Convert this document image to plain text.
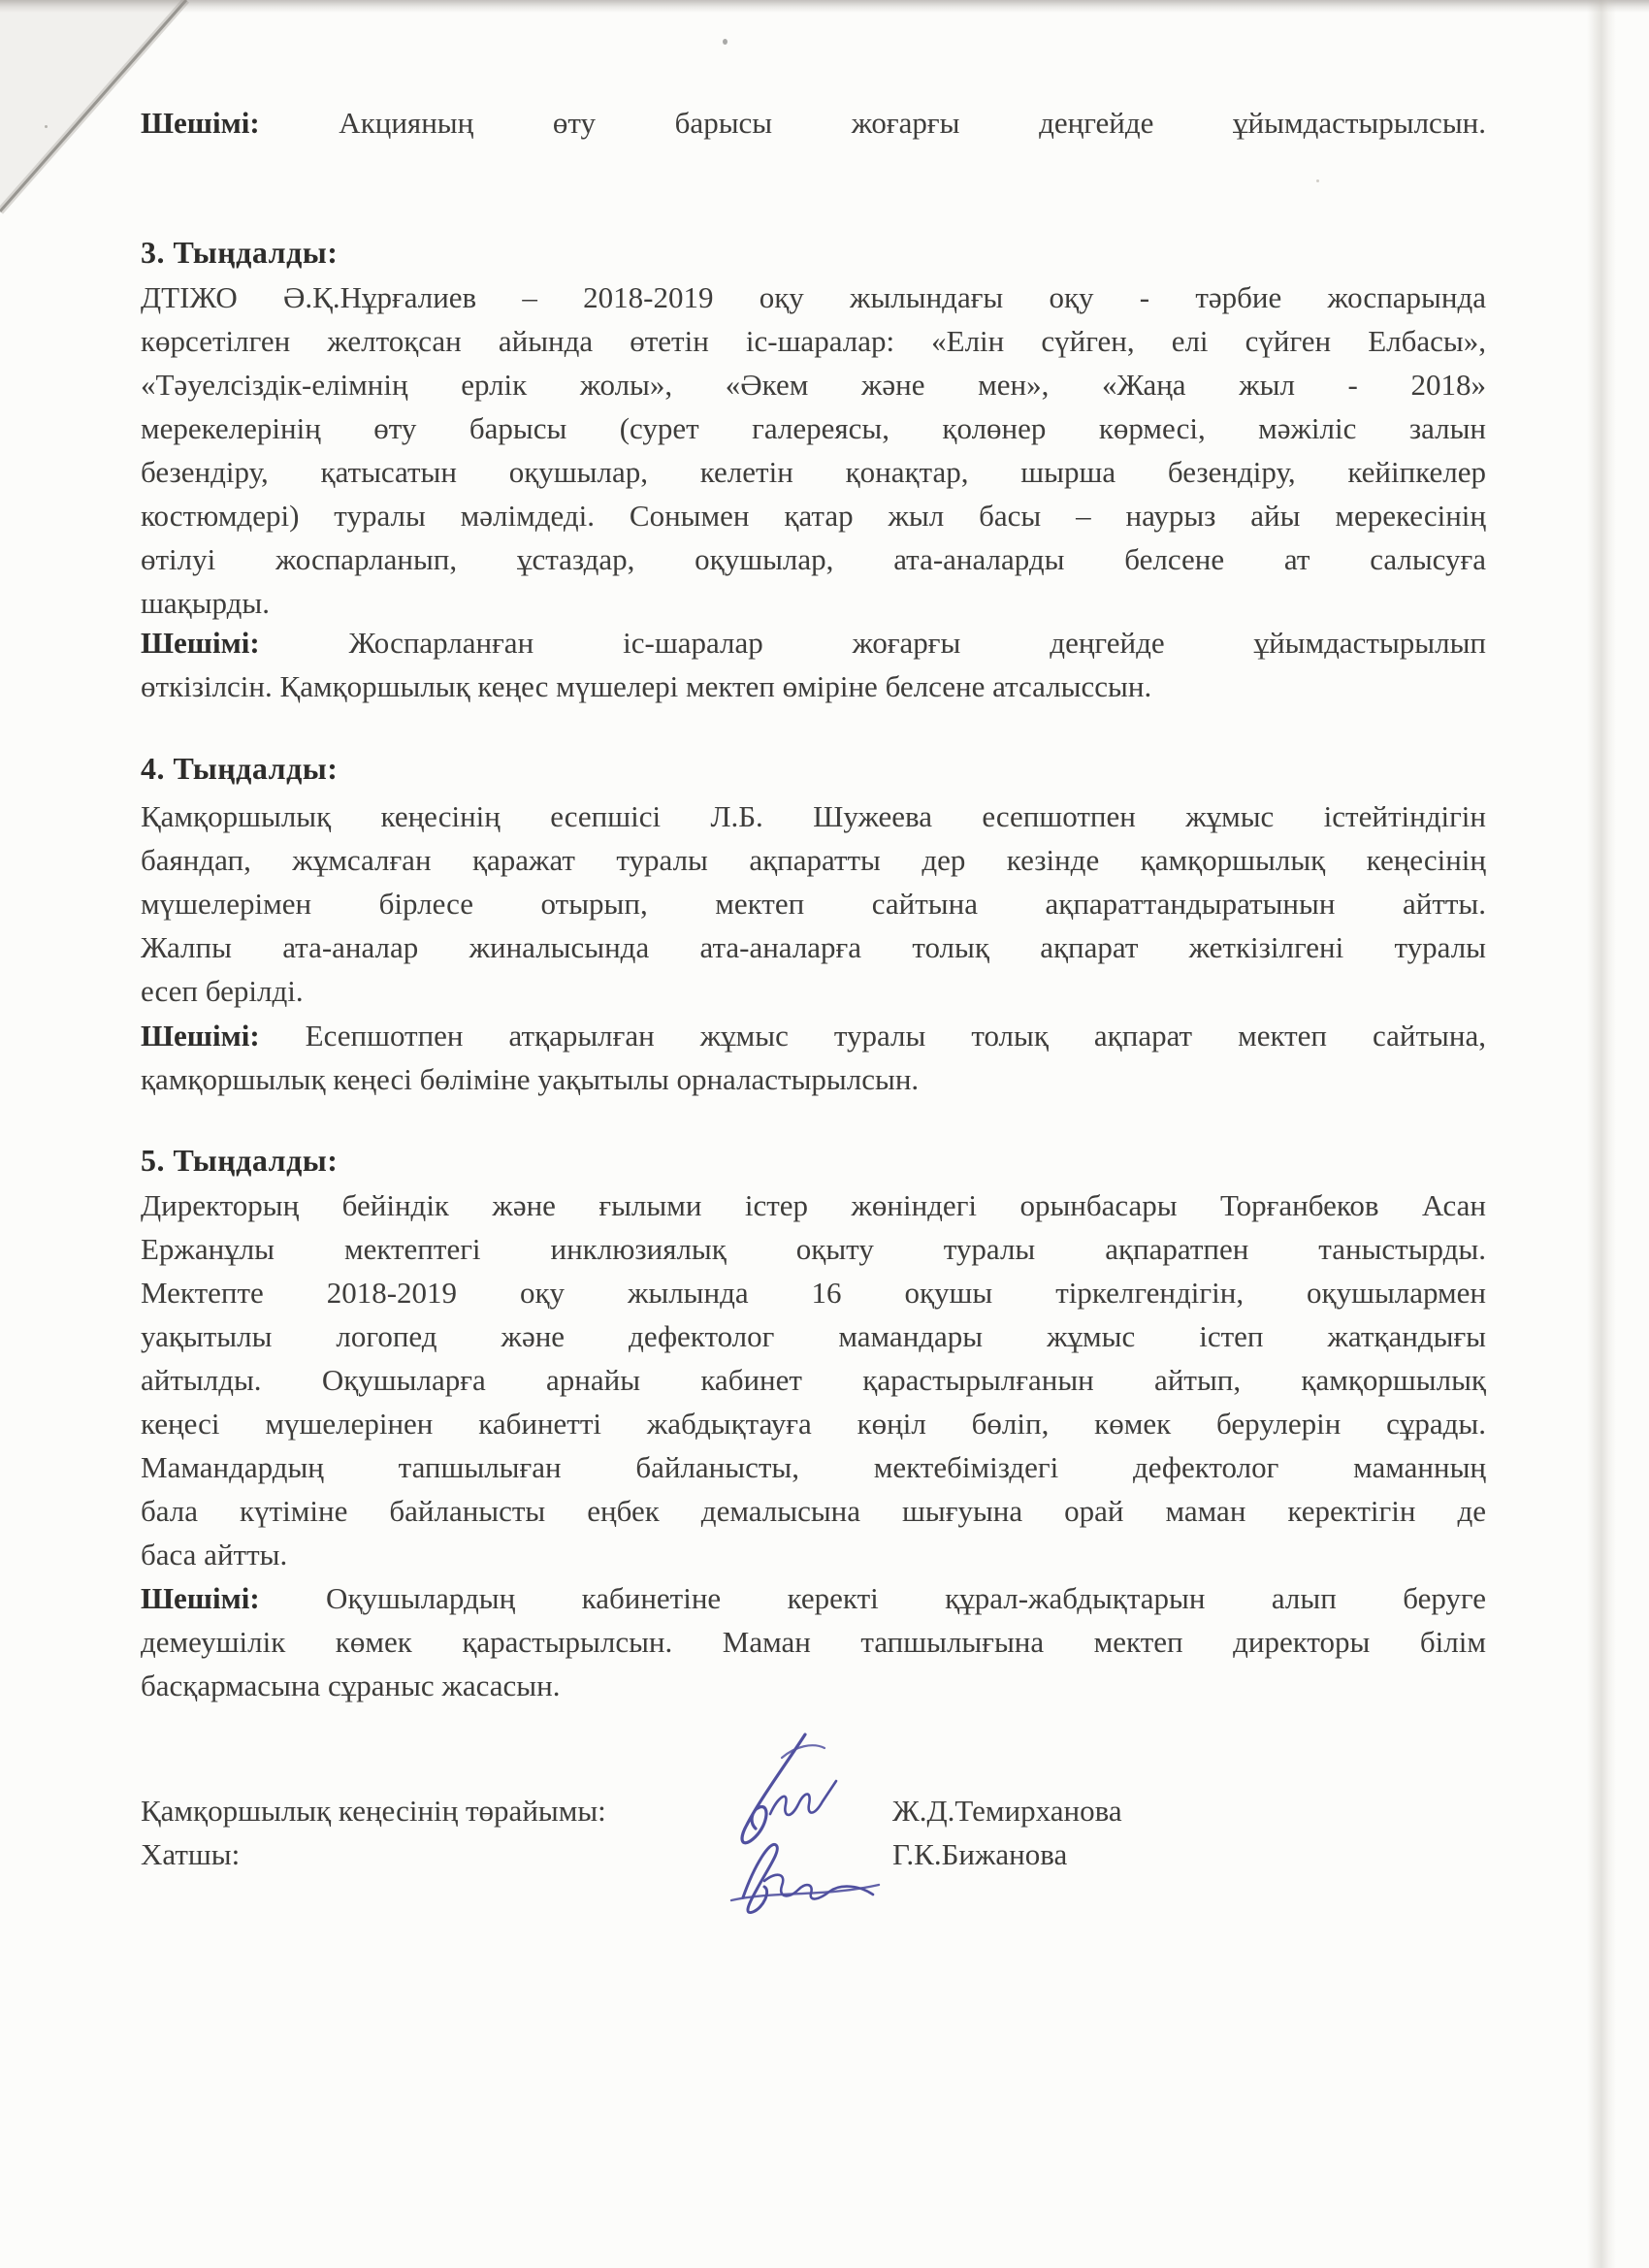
Шешімі: Акцияның өту барысы жоғарғы деңгейде ұйымдастырылсын.
3. Тыңдалды:
ДТІЖО Ә.Қ.Нұрғалиев – 2018-2019 оқу жылындағы оқу - тәрбие жоспарында
көрсетілген желтоқсан айында өтетін іс-шаралар: «Елін сүйген, елі сүйген Елбасы»,
«Тәуелсіздік-елімнің ерлік жолы», «Әкем және мен», «Жаңа жыл - 2018»
мерекелерінің өту барысы (сурет галереясы, қолөнер көрмесі, мәжіліс залын
безендіру, қатысатын оқушылар, келетін қонақтар, шырша безендіру, кейіпкелер
костюмдері) туралы мәлімдеді. Сонымен қатар жыл басы – наурыз айы мерекесінің
өтілуі жоспарланып, ұстаздар, оқушылар, ата-аналарды белсене ат салысуға
шақырды.
Шешімі: Жоспарланған іс-шаралар жоғарғы деңгейде ұйымдастырылып
өткізілсін. Қамқоршылық кеңес мүшелері мектеп өміріне белсене атсалыссын.
4. Тыңдалды:
Қамқоршылық кеңесінің есепшісі Л.Б. Шужеева есепшотпен жұмыс істейтіндігін
баяндап, жұмсалған қаражат туралы ақпаратты дер кезінде қамқоршылық кеңесінің
мүшелерімен бірлесе отырып, мектеп сайтына ақпараттандыратынын айтты.
Жалпы ата-аналар жиналысында ата-аналарға толық ақпарат жеткізілгені туралы
есеп берілді.
Шешімі: Есепшотпен атқарылған жұмыс туралы толық ақпарат мектеп сайтына,
қамқоршылық кеңесі бөліміне уақытылы орналастырылсын.
5. Тыңдалды:
Директорың бейіндік және ғылыми істер жөніндегі орынбасары Торғанбеков Асан
Ержанұлы мектептегі инклюзиялық оқыту туралы ақпаратпен таныстырды.
Мектепте 2018-2019 оқу жылында 16 оқушы тіркелгендігін, оқушылармен
уақытылы логопед және дефектолог мамандары жұмыс істеп жатқандығы
айтылды. Оқушыларға арнайы кабинет қарастырылғанын айтып, қамқоршылық
кеңесі мүшелерінен кабинетті жабдықтауға көңіл бөліп, көмек берулерін сұрады.
Мамандардың тапшылыған байланысты, мектебіміздегі дефектолог маманның
бала күтіміне байланысты еңбек демалысына шығуына орай маман керектігін де
баса айтты.
Шешімі: Оқушылардың кабинетіне керекті құрал-жабдықтарын алып беруге
демеушілік көмек қарастырылсын. Маман тапшылығына мектеп директоры білім
басқармасына сұраныс жасасын.
Қамқоршылық кеңесінің төрайымы:	Ж.Д.Темирханова
Хатшы:	Г.К.Бижанова
